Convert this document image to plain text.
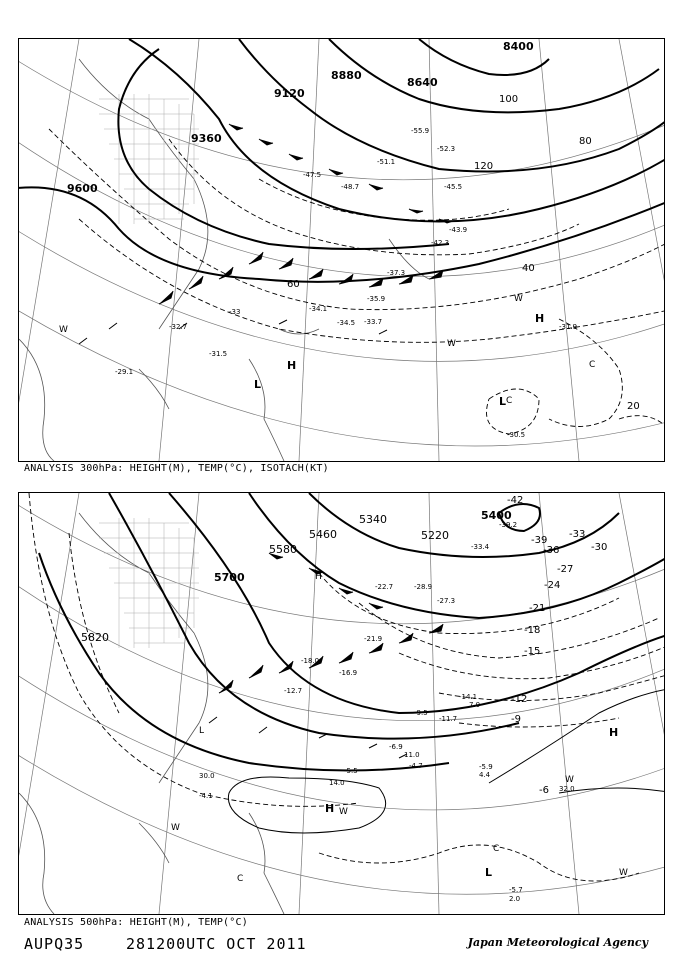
8400
8640
8880
9120
9360
9600
20
40
60
80
100
120
-30.5
-31.5
-33	-34.1
-34.5
-35.9
-37.3
-42.3
-43.9
-45.5
-47.5
-48.7
-51.1
-52.3
-55.9
-31.9
-32.7
-33.7
-29.1	H
L
L
W
W
W
C
H
C
ANALYSIS 300hPa: HEIGHT(M), TEMP(°C), ISOTACH(KT)
5400
5220
5340
5460
5580
5700
5820
-42
-39
-36
-33
-30
-27
-24
-21
-18
-15
-12
-9
-6
-5.9
-5.7
-4.7
-5.5
-6.9
-9.5
-11.7
-14.1
-16.9
-18.0
-21.9
-22.7	-28.9
-27.3
-33.4
-39.2
-12.7
-4.1
2.0
4.4
32.0
30.0
14.0
11.0
7.0
H
H
L
L
C
C
W
W
W
W
H
ANALYSIS 500hPa: HEIGHT(M), TEMP(°C)
AUPQ35	281200UTC OCT 2011	Japan Meteorological Agency
